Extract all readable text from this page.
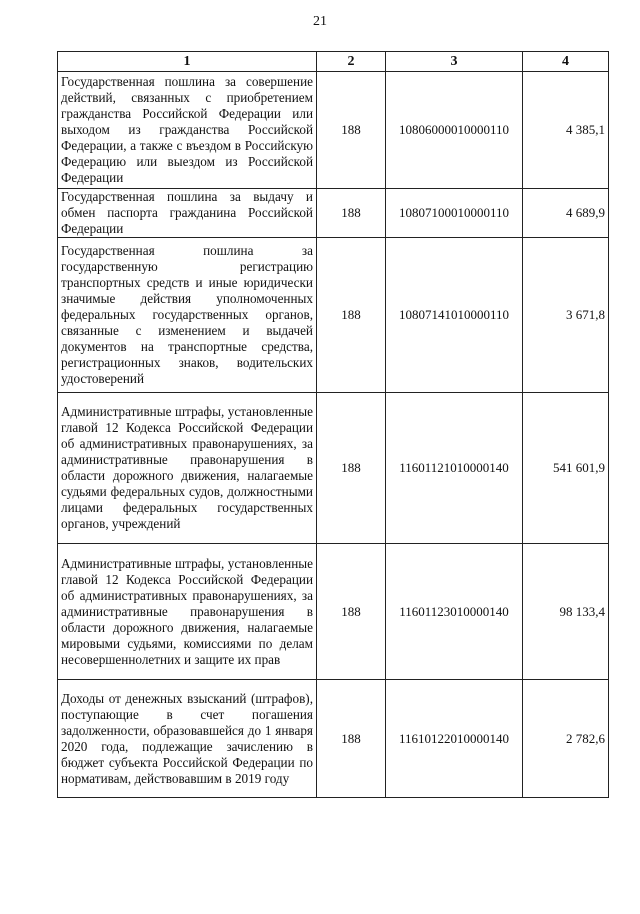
21
1	2	3	4
Государственная пошлина за совершение действий, связанных с приобретением гражданства Российской Федерации или выходом из гражданства Российской Федерации, а также с въездом в Российскую Федерацию или выездом из Российской Федерации	188	10806000010000110	4 385,1
Государственная пошлина за выдачу и обмен паспорта гражданина Российской Федерации	188	10807100010000110	4 689,9
Государственная пошлина за государственную регистрацию транспортных средств и иные юридически значимые действия уполномоченных федеральных государственных органов, связанные с изменением и выдачей документов на транспортные средства, регистрационных знаков, водительских удостоверений	188	10807141010000110	3 671,8
Административные штрафы, установленные главой 12 Кодекса Российской Федерации об административных правонарушениях, за административные правонарушения в области дорожного движения, налагаемые судьями федеральных судов, должностными лицами федеральных государственных органов, учреждений	188	11601121010000140	541 601,9
Административные штрафы, установленные главой 12 Кодекса Российской Федерации об административных правонарушениях, за административные правонарушения в области дорожного движения, налагаемые мировыми судьями, комиссиями по делам несовершеннолетних и защите их прав	188	11601123010000140	98 133,4
Доходы от денежных взысканий (штрафов), поступающие в счет погашения задолженности, образовавшейся до 1 января 2020 года, подлежащие зачислению в бюджет субъекта Российской Федерации по нормативам, действовавшим в 2019 году	188	11610122010000140	2 782,6
